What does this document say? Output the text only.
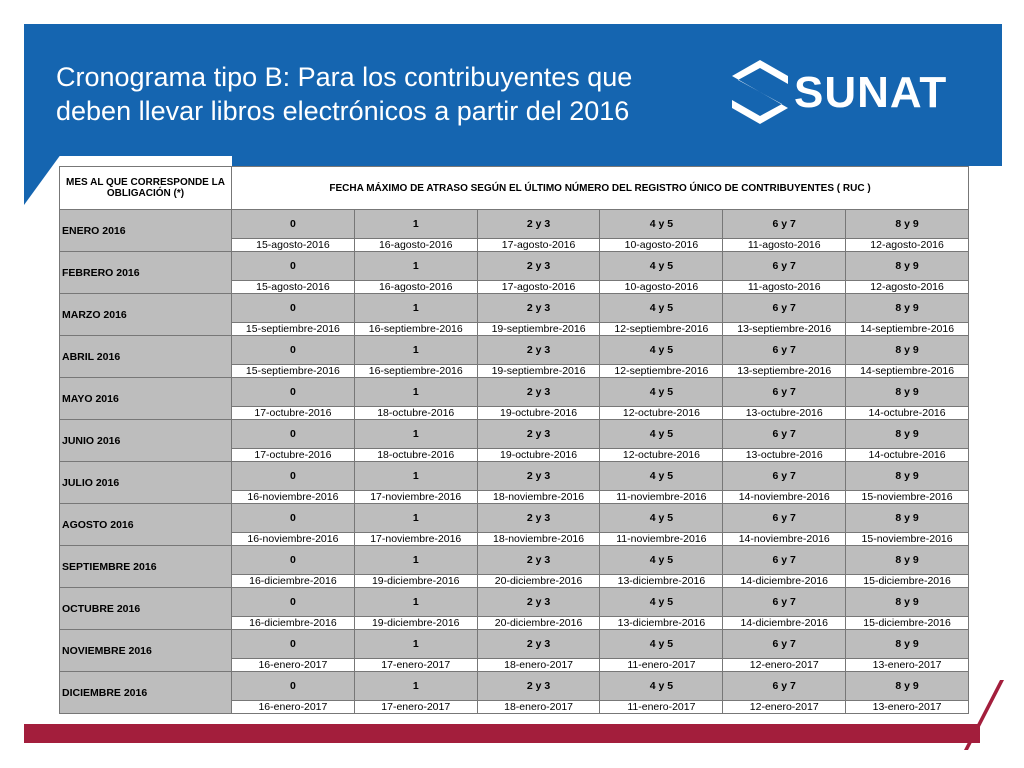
Cronograma tipo B: Para los contribuyentes que
deben llevar libros electrónicos a partir del 2016	SUNAT
MES AL QUE CORRESPONDE LA OBLIGACIÓN (*)	FECHA MÁXIMO DE ATRASO SEGÚN EL ÚLTIMO NÚMERO DEL REGISTRO ÚNICO DE CONTRIBUYENTES ( RUC )					
ENERO 2016	0	1	2 y 3	4 y 5	6 y 7	8 y 9
	15-agosto-2016	16-agosto-2016	17-agosto-2016	10-agosto-2016	11-agosto-2016	12-agosto-2016
FEBRERO 2016	0	1	2 y 3	4 y 5	6 y 7	8 y 9
	15-agosto-2016	16-agosto-2016	17-agosto-2016	10-agosto-2016	11-agosto-2016	12-agosto-2016
MARZO 2016	0	1	2 y 3	4 y 5	6 y 7	8 y 9
	15-septiembre-2016	16-septiembre-2016	19-septiembre-2016	12-septiembre-2016	13-septiembre-2016	14-septiembre-2016
ABRIL 2016	0	1	2 y 3	4 y 5	6 y 7	8 y 9
	15-septiembre-2016	16-septiembre-2016	19-septiembre-2016	12-septiembre-2016	13-septiembre-2016	14-septiembre-2016
MAYO 2016	0	1	2 y 3	4 y 5	6 y 7	8 y 9
	17-octubre-2016	18-octubre-2016	19-octubre-2016	12-octubre-2016	13-octubre-2016	14-octubre-2016
JUNIO 2016	0	1	2 y 3	4 y 5	6 y 7	8 y 9
	17-octubre-2016	18-octubre-2016	19-octubre-2016	12-octubre-2016	13-octubre-2016	14-octubre-2016
JULIO 2016	0	1	2 y 3	4 y 5	6 y 7	8 y 9
	16-noviembre-2016	17-noviembre-2016	18-noviembre-2016	11-noviembre-2016	14-noviembre-2016	15-noviembre-2016
AGOSTO 2016	0	1	2 y 3	4 y 5	6 y 7	8 y 9
	16-noviembre-2016	17-noviembre-2016	18-noviembre-2016	11-noviembre-2016	14-noviembre-2016	15-noviembre-2016
SEPTIEMBRE 2016	0	1	2 y 3	4 y 5	6 y 7	8 y 9
	16-diciembre-2016	19-diciembre-2016	20-diciembre-2016	13-diciembre-2016	14-diciembre-2016	15-diciembre-2016
OCTUBRE 2016	0	1	2 y 3	4 y 5	6 y 7	8 y 9
	16-diciembre-2016	19-diciembre-2016	20-diciembre-2016	13-diciembre-2016	14-diciembre-2016	15-diciembre-2016
NOVIEMBRE 2016	0	1	2 y 3	4 y 5	6 y 7	8 y 9
	16-enero-2017	17-enero-2017	18-enero-2017	11-enero-2017	12-enero-2017	13-enero-2017
DICIEMBRE 2016	0	1	2 y 3	4 y 5	6 y 7	8 y 9
	16-enero-2017	17-enero-2017	18-enero-2017	11-enero-2017	12-enero-2017	13-enero-2017
